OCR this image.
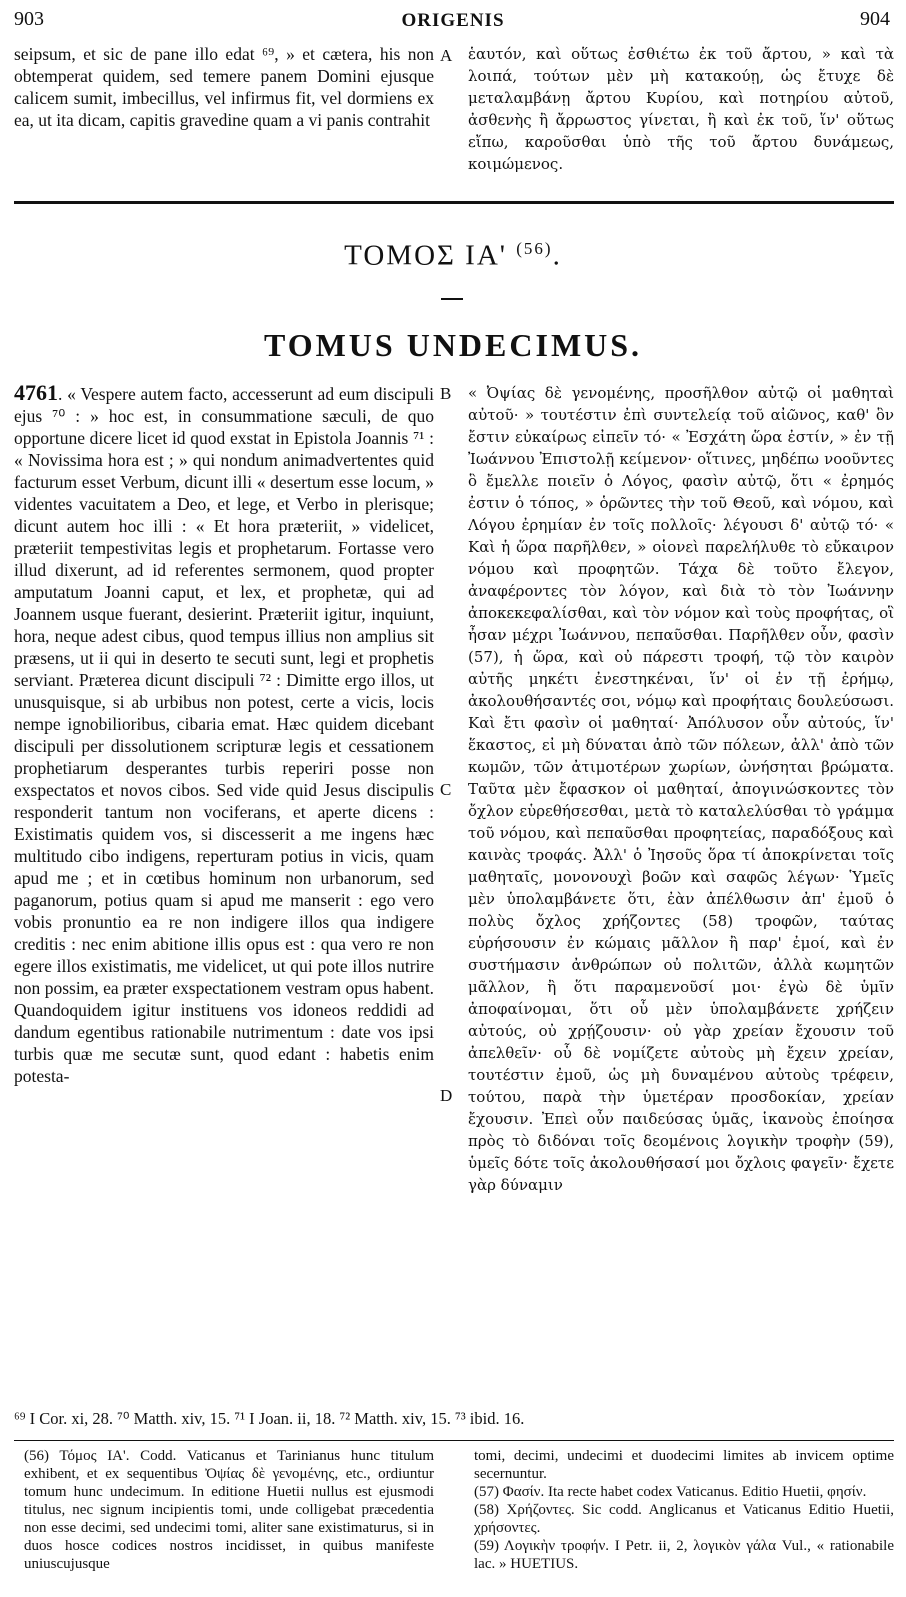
903	ORIGENIS	904
seipsum, et sic de pane illo edat ⁶⁹, » et cætera, his non obtemperat quidem, sed temere panem Domini ejusque calicem sumit, imbecillus, vel infirmus fit, vel dormiens ex ea, ut ita dicam, capitis gravedine quam a vi panis contrahit
A ἑαυτόν, καὶ οὕτως ἐσθιέτω ἐκ τοῦ ἄρτου, » καὶ τὰ λοιπά, τούτων μὲν μὴ κατακούῃ, ὡς ἔτυχε δὲ μεταλαμβάνῃ ἄρτου Κυρίου, καὶ ποτηρίου αὐτοῦ, ἀσθενὴς ἢ ἄρρωστος γίνεται, ἢ καὶ ἐκ τοῦ, ἵν' οὕτως εἴπω, καροῦσθαι ὑπὸ τῆς τοῦ ἄρτου δυνάμεως, κοιμώμενος.
ΤΟΜΟΣ ΙΑ' $^{(56)}$.
TOMUS UNDECIMUS.
4761. « Vespere autem facto, accesserunt ad eum discipuli ejus ⁷⁰ : » hoc est, in consummatione sæculi, de quo opportune dicere licet id quod exstat in Epistola Joannis ⁷¹ : « Novissima hora est ; » qui nondum animadvertentes quid facturum esset Verbum, dicunt illi « desertum esse locum, » videntes vacuitatem a Deo, et lege, et Verbo in plerisque; dicunt autem hoc illi : « Et hora præteriit, » videlicet, præteriit tempestivitas legis et prophetarum. Fortasse vero illud dixerunt, ad id referentes sermonem, quod propter amputatum Joanni caput, et lex, et prophetæ, qui ad Joannem usque fuerant, desierint. Præteriit igitur, inquiunt, hora, neque adest cibus, quod tempus illius non amplius sit præsens, ut ii qui in deserto te secuti sunt, legi et prophetis serviant. Præterea dicunt discipuli ⁷² : Dimitte ergo illos, ut unusquisque, si ab urbibus non potest, certe a vicis, locis nempe ignobilioribus, cibaria emat. Hæc quidem dicebant discipuli per dissolutionem scripturæ legis et cessationem prophetiarum desperantes turbis reperiri posse non exspectatos et novos cibos. Sed vide quid Jesus discipulis responderit tantum non vociferans, et aperte dicens : Existimatis quidem vos, si discesserit a me ingens hæc multitudo cibo indigens, reperturam potius in vicis, quam apud me ; et in cœtibus hominum non urbanorum, sed paganorum, potius quam si apud me manserit : ego vero vobis pronuntio ea re non indigere illos qua indigere creditis : nec enim abitione illis opus est : qua vero re non egere illos existimatis, me videlicet, ut qui pote illos nutrire non possim, ea præter exspectationem vestram opus habent. Quandoquidem igitur instituens vos idoneos reddidi ad dandum egentibus rationabile nutrimentum : date vos ipsi turbis quæ me secutæ sunt, quod edant : habetis enim potesta-
B
C
D
« Ὀψίας δὲ γενομένης, προσῆλθον αὐτῷ οἱ μαθηταὶ αὐτοῦ· » τουτέστιν ἐπὶ συντελείᾳ τοῦ αἰῶνος, καθ' ὃν ἔστιν εὐκαίρως εἰπεῖν τό· « Ἐσχάτη ὥρα ἐστίν, » ἐν τῇ Ἰωάννου Ἐπιστολῇ κείμενον· οἵτινες, μηδέπω νοοῦντες ὃ ἔμελλε ποιεῖν ὁ Λόγος, φασὶν αὐτῷ, ὅτι « ἐρημός ἐστιν ὁ τόπος, » ὁρῶντες τὴν τοῦ Θεοῦ, καὶ νόμου, καὶ Λόγου ἐρημίαν ἐν τοῖς πολλοῖς· λέγουσι δ' αὐτῷ τό· « Καὶ ἡ ὥρα παρῆλθεν, » οἱονεὶ παρελήλυθε τὸ εὔκαιρον νόμου καὶ προφητῶν. Τάχα δὲ τοῦτο ἔλεγον, ἀναφέροντες τὸν λόγον, καὶ διὰ τὸ τὸν Ἰωάννην ἀποκεκεφαλίσθαι, καὶ τὸν νόμον καὶ τοὺς προφήτας, οἳ ἦσαν μέχρι Ἰωάννου, πεπαῦσθαι. Παρῆλθεν οὖν, φασὶν (57), ἡ ὥρα, καὶ οὐ πάρεστι τροφή, τῷ τὸν καιρὸν αὐτῆς μηκέτι ἐνεστηκέναι, ἵν' οἱ ἐν τῇ ἐρήμῳ, ἀκολουθήσαντές σοι, νόμῳ καὶ προφήταις δουλεύσωσι. Καὶ ἔτι φασὶν οἱ μαθηταί· Ἀπόλυσον οὖν αὐτούς, ἵν' ἕκαστος, εἰ μὴ δύναται ἀπὸ τῶν πόλεων, ἀλλ' ἀπὸ τῶν κωμῶν, τῶν ἀτιμοτέρων χωρίων, ὠνήσηται βρώματα. Ταῦτα μὲν ἔφασκον οἱ μαθηταί, ἀπογινώσκοντες τὸν ὄχλον εὑρεθήσεσθαι, μετὰ τὸ καταλελύσθαι τὸ γράμμα τοῦ νόμου, καὶ πεπαῦσθαι προφητείας, παραδόξους καὶ καινὰς τροφάς. Ἀλλ' ὁ Ἰησοῦς ὅρα τί ἀποκρίνεται τοῖς μαθηταῖς, μονονουχὶ βοῶν καὶ σαφῶς λέγων· Ὑμεῖς μὲν ὑπολαμβάνετε ὅτι, ἐὰν ἀπέλθωσιν ἀπ' ἐμοῦ ὁ πολὺς ὄχλος χρήζοντες (58) τροφῶν, ταύτας εὑρήσουσιν ἐν κώμαις μᾶλλον ἢ παρ' ἐμοί, καὶ ἐν συστήμασιν ἀνθρώπων οὐ πολιτῶν, ἀλλὰ κωμητῶν μᾶλλον, ἢ ὅτι παραμενοῦσί μοι· ἐγὼ δὲ ὑμῖν ἀποφαίνομαι, ὅτι οὗ μὲν ὑπολαμβάνετε χρήζειν αὐτούς, οὐ χρῄζουσιν· οὐ γὰρ χρείαν ἔχουσιν τοῦ ἀπελθεῖν· οὗ δὲ νομίζετε αὐτοὺς μὴ ἔχειν χρείαν, τουτέστιν ἐμοῦ, ὡς μὴ δυναμένου αὐτοὺς τρέφειν, τούτου, παρὰ τὴν ὑμετέραν προσδοκίαν, χρείαν ἔχουσιν. Ἐπεὶ οὖν παιδεύσας ὑμᾶς, ἱκανοὺς ἐποίησα πρὸς τὸ διδόναι τοῖς δεομένοις λογικὴν τροφὴν (59), ὑμεῖς δότε τοῖς ἀκολουθήσασί μοι ὄχλοις φαγεῖν· ἔχετε γὰρ δύναμιν
⁶⁹ I Cor. xi, 28. ⁷⁰ Matth. xiv, 15. ⁷¹ I Joan. ii, 18. ⁷² Matth. xiv, 15. ⁷³ ibid. 16.

(56) Τόμος ΙΑ'. Codd. Vaticanus et Tarinianus hunc titulum exhibent, et ex sequentibus Ὀψίας δὲ γενομένης, etc., ordiuntur tomum hunc undecimum. In editione Huetii nullus est ejusmodi titulus, nec signum incipientis tomi, unde colligebat præcedentia non esse decimi, sed undecimi tomi, aliter sane existimaturus, si in duos hosce codices nostros incidisset, in quibus manifeste uniuscujusque

tomi, decimi, undecimi et duodecimi limites ab invicem optime secernuntur.

(57) Φασίν. Ita recte habet codex Vaticanus. Editio Huetii, φησίν.

(58) Χρήζοντες. Sic codd. Anglicanus et Vaticanus Editio Huetii, χρήσοντες.

(59) Λογικὴν τροφήν. I Petr. ii, 2, λογικὸν γάλα Vul., « rationabile lac. » HUETIUS.
